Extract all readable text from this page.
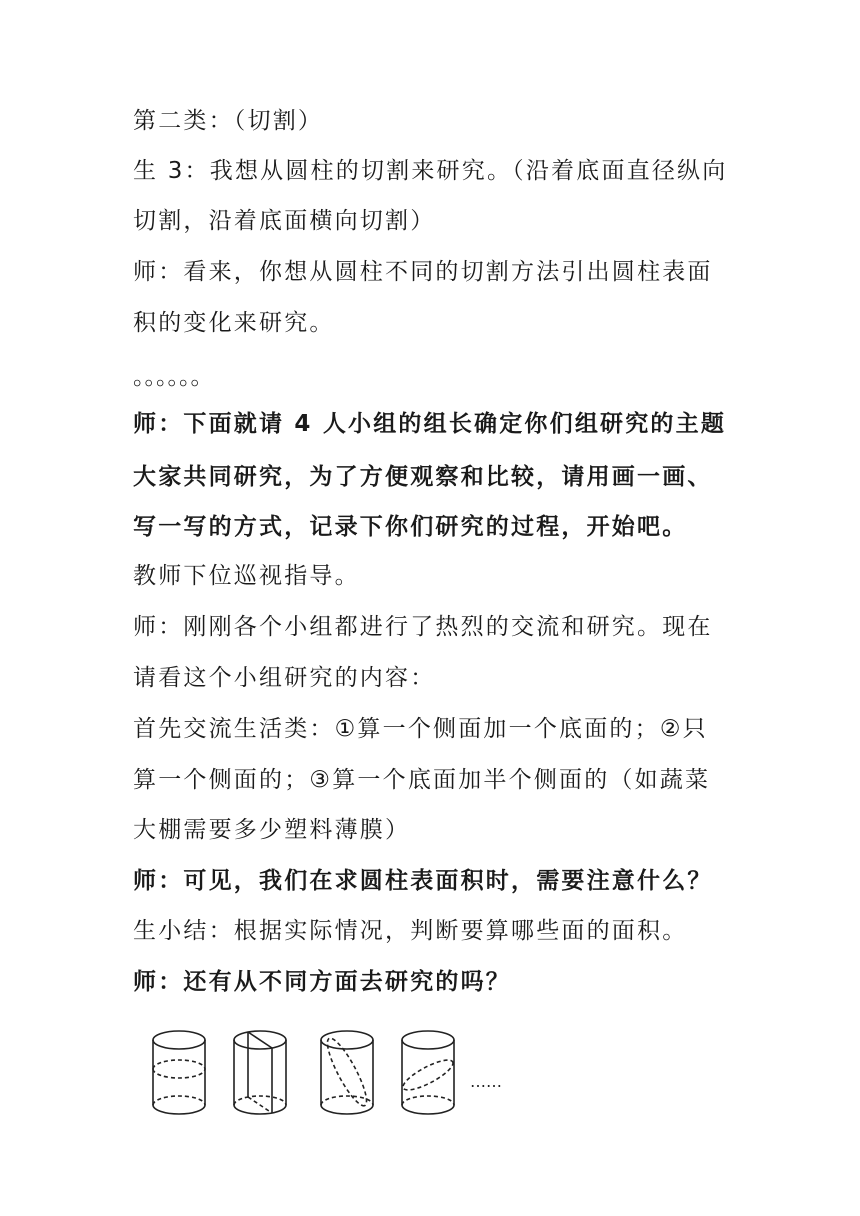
第二类：（切割）
生 3：我想从圆柱的切割来研究。（沿着底面直径纵向
切割，沿着底面横向切割）
师：看来，你想从圆柱不同的切割方法引出圆柱表面
积的变化来研究。
。。。。。。
师：下面就请 4 人小组的组长确定你们组研究的主题
大家共同研究，为了方便观察和比较，请用画一画、
写一写的方式，记录下你们研究的过程，开始吧。
教师下位巡视指导。
师：刚刚各个小组都进行了热烈的交流和研究。现在
请看这个小组研究的内容：
首先交流生活类：①算一个侧面加一个底面的；②只
算一个侧面的；③算一个底面加半个侧面的（如蔬菜
大棚需要多少塑料薄膜）
师：可见，我们在求圆柱表面积时，需要注意什么？
生小结：根据实际情况，判断要算哪些面的面积。
师：还有从不同方面去研究的吗？
……
